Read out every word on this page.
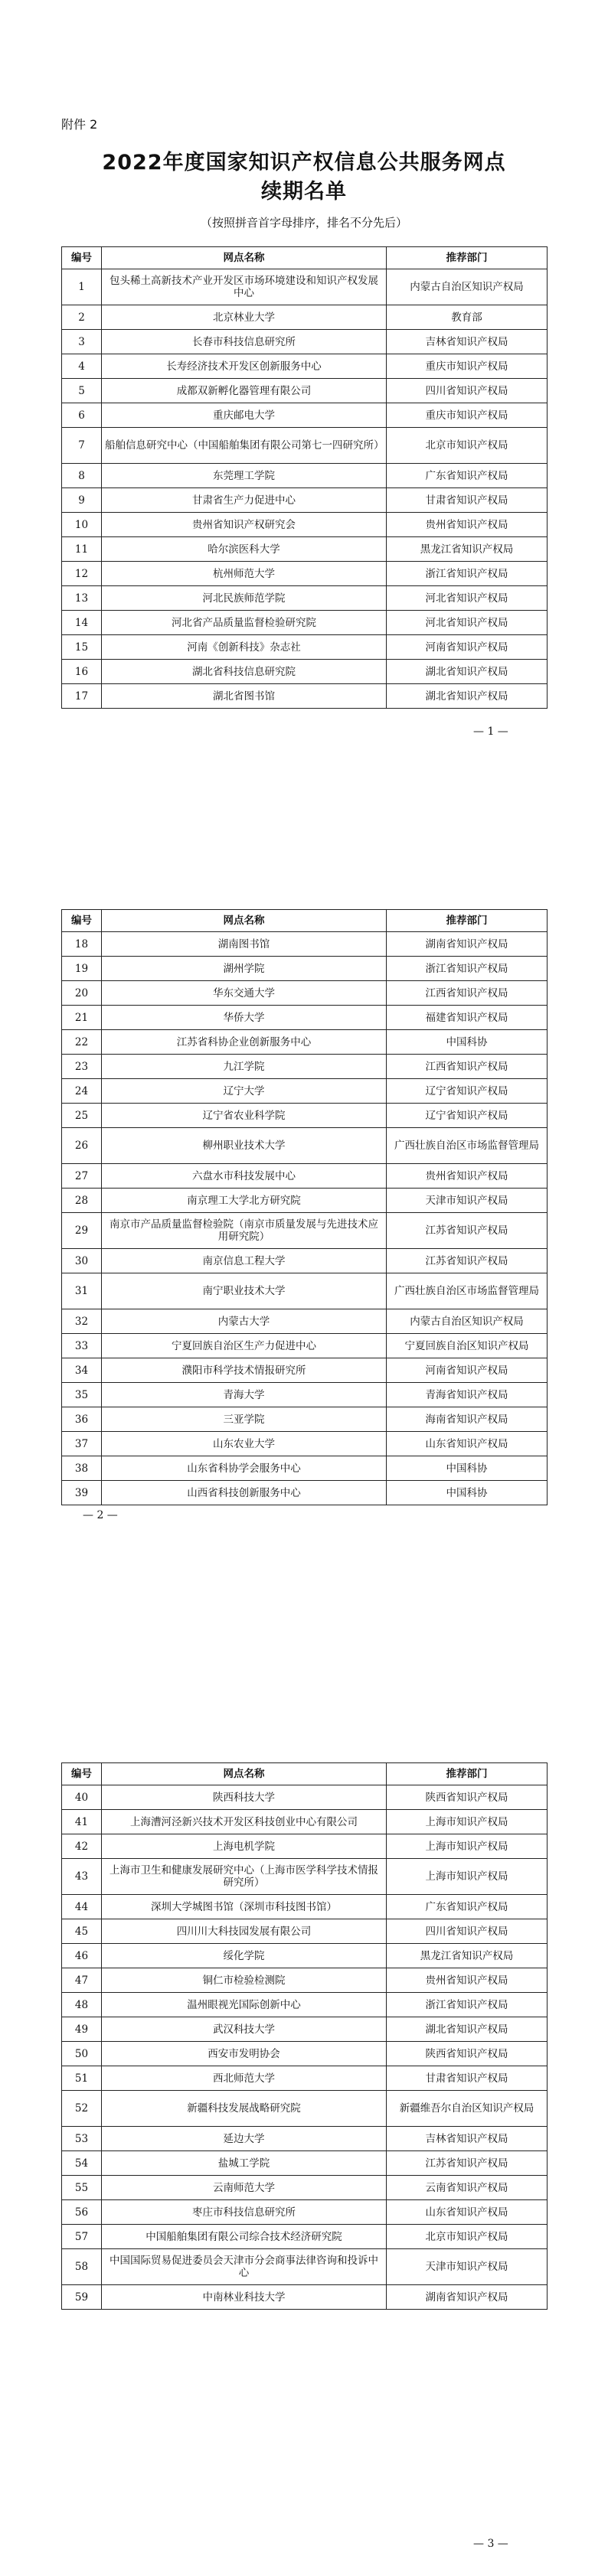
附件 2
2022年度国家知识产权信息公共服务网点
续期名单
（按照拼音首字母排序，排名不分先后）
编号	网点名称	推荐部门
1	包头稀土高新技术产业开发区市场环境建设和知识产权发展中心	内蒙古自治区知识产权局
2	北京林业大学	教育部
3	长春市科技信息研究所	吉林省知识产权局
4	长寿经济技术开发区创新服务中心	重庆市知识产权局
5	成都双新孵化器管理有限公司	四川省知识产权局
6	重庆邮电大学	重庆市知识产权局
7	船舶信息研究中心（中国船舶集团有限公司第七一四研究所）	北京市知识产权局
8	东莞理工学院	广东省知识产权局
9	甘肃省生产力促进中心	甘肃省知识产权局
10	贵州省知识产权研究会	贵州省知识产权局
11	哈尔滨医科大学	黑龙江省知识产权局
12	杭州师范大学	浙江省知识产权局
13	河北民族师范学院	河北省知识产权局
14	河北省产品质量监督检验研究院	河北省知识产权局
15	河南《创新科技》杂志社	河南省知识产权局
16	湖北省科技信息研究院	湖北省知识产权局
17	湖北省图书馆	湖北省知识产权局
— 1 —
编号	网点名称	推荐部门
18	湖南图书馆	湖南省知识产权局
19	湖州学院	浙江省知识产权局
20	华东交通大学	江西省知识产权局
21	华侨大学	福建省知识产权局
22	江苏省科协企业创新服务中心	中国科协
23	九江学院	江西省知识产权局
24	辽宁大学	辽宁省知识产权局
25	辽宁省农业科学院	辽宁省知识产权局
26	柳州职业技术大学	广西壮族自治区市场监督管理局
27	六盘水市科技发展中心	贵州省知识产权局
28	南京理工大学北方研究院	天津市知识产权局
29	南京市产品质量监督检验院（南京市质量发展与先进技术应用研究院）	江苏省知识产权局
30	南京信息工程大学	江苏省知识产权局
31	南宁职业技术大学	广西壮族自治区市场监督管理局
32	内蒙古大学	内蒙古自治区知识产权局
33	宁夏回族自治区生产力促进中心	宁夏回族自治区知识产权局
34	濮阳市科学技术情报研究所	河南省知识产权局
35	青海大学	青海省知识产权局
36	三亚学院	海南省知识产权局
37	山东农业大学	山东省知识产权局
38	山东省科协学会服务中心	中国科协
39	山西省科技创新服务中心	中国科协
— 2 —
编号	网点名称	推荐部门
40	陕西科技大学	陕西省知识产权局
41	上海漕河泾新兴技术开发区科技创业中心有限公司	上海市知识产权局
42	上海电机学院	上海市知识产权局
43	上海市卫生和健康发展研究中心（上海市医学科学技术情报研究所）	上海市知识产权局
44	深圳大学城图书馆（深圳市科技图书馆）	广东省知识产权局
45	四川川大科技园发展有限公司	四川省知识产权局
46	绥化学院	黑龙江省知识产权局
47	铜仁市检验检测院	贵州省知识产权局
48	温州眼视光国际创新中心	浙江省知识产权局
49	武汉科技大学	湖北省知识产权局
50	西安市发明协会	陕西省知识产权局
51	西北师范大学	甘肃省知识产权局
52	新疆科技发展战略研究院	新疆维吾尔自治区知识产权局
53	延边大学	吉林省知识产权局
54	盐城工学院	江苏省知识产权局
55	云南师范大学	云南省知识产权局
56	枣庄市科技信息研究所	山东省知识产权局
57	中国船舶集团有限公司综合技术经济研究院	北京市知识产权局
58	中国国际贸易促进委员会天津市分会商事法律咨询和投诉中心	天津市知识产权局
59	中南林业科技大学	湖南省知识产权局
— 3 —
